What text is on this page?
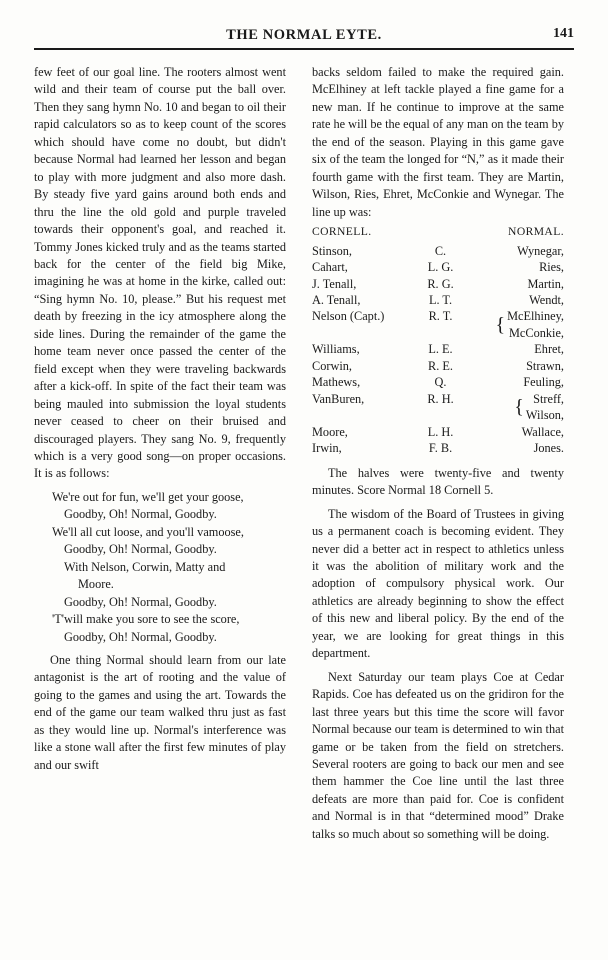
THE NORMAL EYTE.	141

few feet of our goal line. The rooters almost went wild and their team of course put the ball over. Then they sang hymn No. 10 and began to oil their rapid calculators so as to keep count of the scores which should have come no doubt, but didn't because Normal had learned her lesson and began to play with more judgment and also more dash. By steady five yard gains around both ends and thru the line the old gold and purple traveled towards their opponent's goal, and reached it. Tommy Jones kicked truly and as the teams started back for the center of the field big Mike, imagining he was at home in the kirke, called out: “Sing hymn No. 10, please.” But his request met death by freezing in the icy atmosphere along the side lines. During the remainder of the game the home team never once passed the center of the field except when they were traveling backwards after a kick-off. In spite of the fact their team was being mauled into submission the loyal students never ceased to cheer on their bruised and discouraged players. They sang No. 9, frequently which is a very good song—on proper occasions. It is as follows:

We're out for fun, we'll get your goose,

Goodby, Oh! Normal, Goodby.

We'll all cut loose, and you'll vamoose,

Goodby, Oh! Normal, Goodby.

With Nelson, Corwin, Matty and

Moore.

Goodby, Oh! Normal, Goodby.

'T'will make you sore to see the score,

Goodby, Oh! Normal, Goodby.

One thing Normal should learn from our late antagonist is the art of rooting and the value of going to the games and using the art. Towards the end of the game our team walked thru just as fast as they would line up. Normal's interference was like a stone wall after the first few minutes of play and our swift

backs seldom failed to make the required gain. McElhiney at left tackle played a fine game for a new man. If he continue to improve at the same rate he will be the equal of any man on the team by the end of the season. Playing in this game gave six of the team the longed for “N,” as it made their fourth game with the first team. They are Martin, Wilson, Ries, Ehret, McConkie and Wynegar. The line up was:

CORNELL.		NORMAL.
Stinson,	C.	Wynegar,
Cahart,	L. G.	Ries,
J. Tenall,	R. G.	Martin,
A. Tenall,	L. T.	Wendt,
Nelson (Capt.)	R. T.	{ McElhiney,
McConkie,

Williams,	L. E.	Ehret,
Corwin,	R. E.	Strawn,
Mathews,	Q.	Feuling,
VanBuren,	R. H.	{ Streff,
Wilson,

Moore,	L. H.	Wallace,
Irwin,	F. B.	Jones.

The halves were twenty-five and twenty minutes. Score Normal 18 Cornell 5.

The wisdom of the Board of Trustees in giving us a permanent coach is becoming evident. They never did a better act in respect to athletics unless it was the abolition of military work and the adoption of compulsory physical work. Our athletics are already beginning to show the effect of this new and liberal policy. By the end of the year, we are looking for great things in this department.

Next Saturday our team plays Coe at Cedar Rapids. Coe has defeated us on the gridiron for the last three years but this time the score will favor Normal because our team is determined to win that game or be taken from the field on stretchers. Several rooters are going to back our men and see them hammer the Coe line until the last three defeats are more than paid for. Coe is confident and Normal is in that “determined mood” Drake talks so much about so something will be doing.
